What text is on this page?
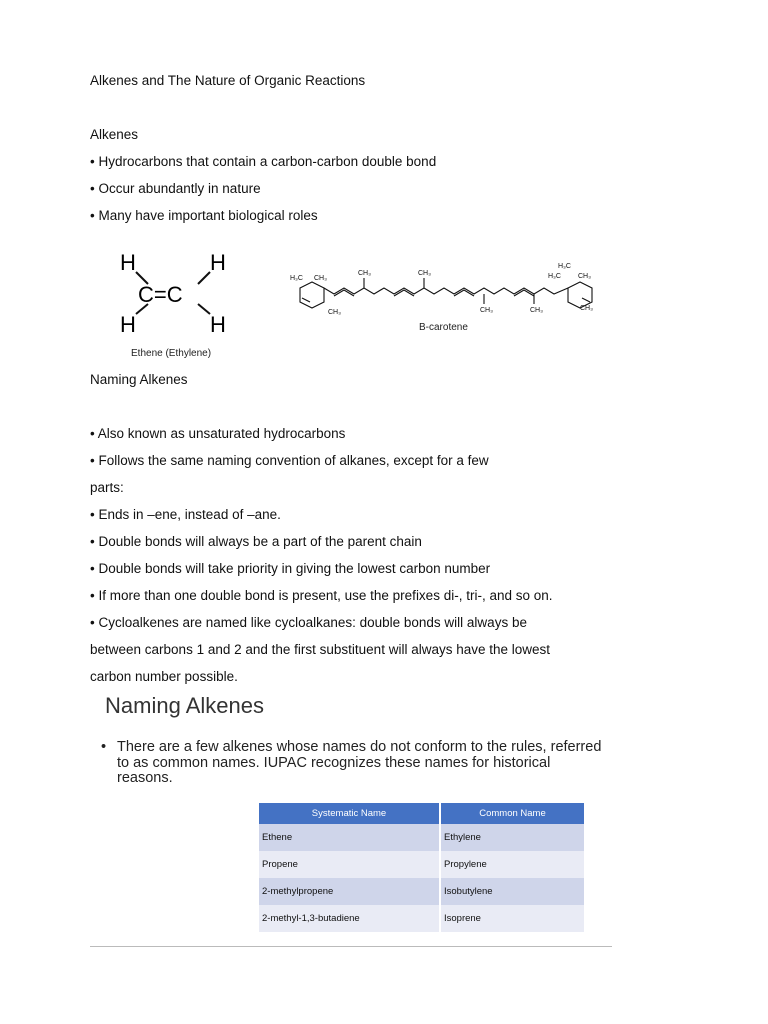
Alkenes and The Nature of Organic Reactions
Alkenes
• Hydrocarbons that contain a carbon-carbon double bond
• Occur abundantly in nature
• Many have important biological roles
H	H
C=C
H	H
Ethene (Ethylene)
H₃C CH₃
CH₃	CH₃
CH₃	CH₃
CH₃
H₃C
H₃C
CH₃
CH₃
B-carotene
Naming Alkenes
• Also known as unsaturated hydrocarbons
• Follows the same naming convention of alkanes, except for a few
parts:
• Ends in –ene, instead of –ane.
• Double bonds will always be a part of the parent chain
• Double bonds will take priority in giving the lowest carbon number
• If more than one double bond is present, use the prefixes di-, tri-, and so on.
• Cycloalkenes are named like cycloalkanes: double bonds will always be
between carbons 1 and 2 and the first substituent will always have the lowest
carbon number possible.
Naming Alkenes
• There are a few alkenes whose names do not conform to the rules, referred to as common names. IUPAC recognizes these names for historical reasons.
Systematic Name	Common Name
Ethene	Ethylene
Propene	Propylene
2-methylpropene	Isobutylene
2-methyl-1,3-butadiene	Isoprene
